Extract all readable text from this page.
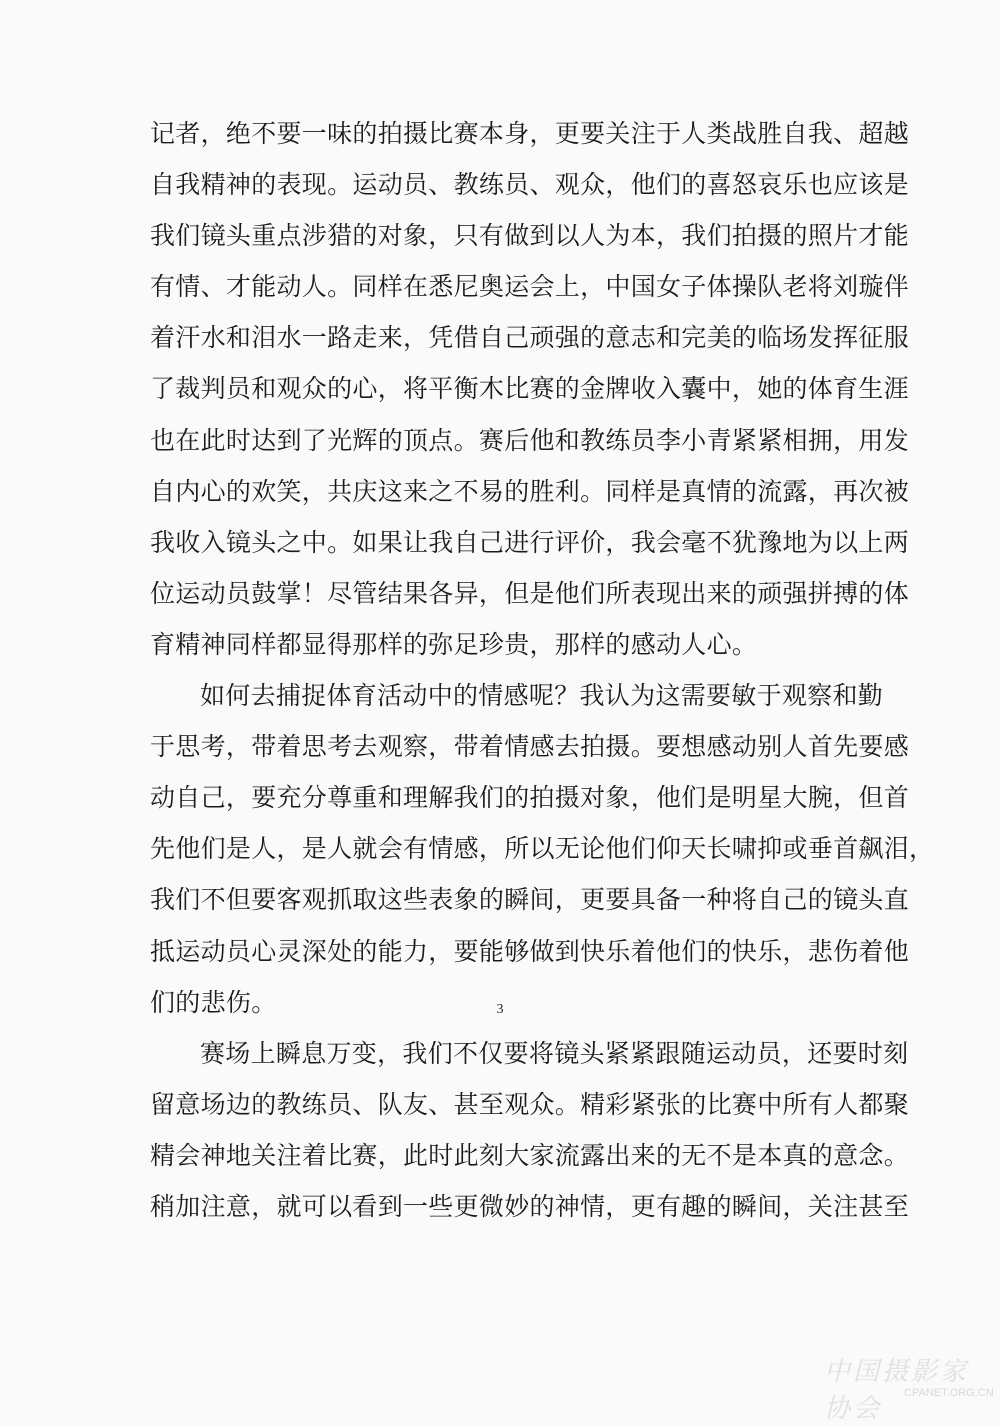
记者，绝不要一味的拍摄比赛本身，更要关注于人类战胜自我、超越
自我精神的表现。运动员、教练员、观众，他们的喜怒哀乐也应该是
我们镜头重点涉猎的对象，只有做到以人为本，我们拍摄的照片才能
有情、才能动人。同样在悉尼奥运会上，中国女子体操队老将刘璇伴
着汗水和泪水一路走来，凭借自己顽强的意志和完美的临场发挥征服
了裁判员和观众的心，将平衡木比赛的金牌收入囊中，她的体育生涯
也在此时达到了光辉的顶点。赛后他和教练员李小青紧紧相拥，用发
自内心的欢笑，共庆这来之不易的胜利。同样是真情的流露，再次被
我收入镜头之中。如果让我自己进行评价，我会毫不犹豫地为以上两
位运动员鼓掌！尽管结果各异，但是他们所表现出来的顽强拼搏的体
育精神同样都显得那样的弥足珍贵，那样的感动人心。
如何去捕捉体育活动中的情感呢？我认为这需要敏于观察和勤
于思考，带着思考去观察，带着情感去拍摄。要想感动别人首先要感
动自己，要充分尊重和理解我们的拍摄对象，他们是明星大腕，但首
先他们是人，是人就会有情感，所以无论他们仰天长啸抑或垂首飙泪，
我们不但要客观抓取这些表象的瞬间，更要具备一种将自己的镜头直
抵运动员心灵深处的能力，要能够做到快乐着他们的快乐，悲伤着他
们的悲伤。
赛场上瞬息万变，我们不仅要将镜头紧紧跟随运动员，还要时刻
留意场边的教练员、队友、甚至观众。精彩紧张的比赛中所有人都聚
精会神地关注着比赛，此时此刻大家流露出来的无不是本真的意念。
稍加注意，就可以看到一些更微妙的神情，更有趣的瞬间，关注甚至
3
中国摄影家协会
CPANET.ORG.CN
